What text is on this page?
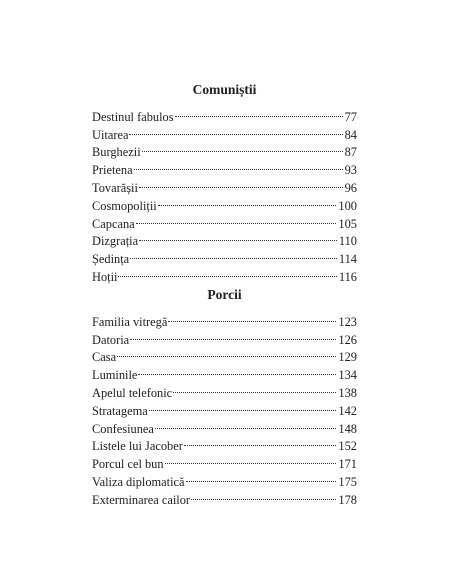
Comuniștii
Destinul fabulos	77
Uitarea	84
Burghezii	87
Prietena	93
Tovarășii	96
Cosmopoliții	100
Capcana	105
Dizgrația	110
Ședința	114
Hoții	116
Porcii
Familia vitregă	123
Datoria	126
Casa	129
Luminile	134
Apelul telefonic	138
Stratagema	142
Confesiunea	148
Listele lui Jacober	152
Porcul cel bun	171
Valiza diplomatică	175
Exterminarea cailor	178
